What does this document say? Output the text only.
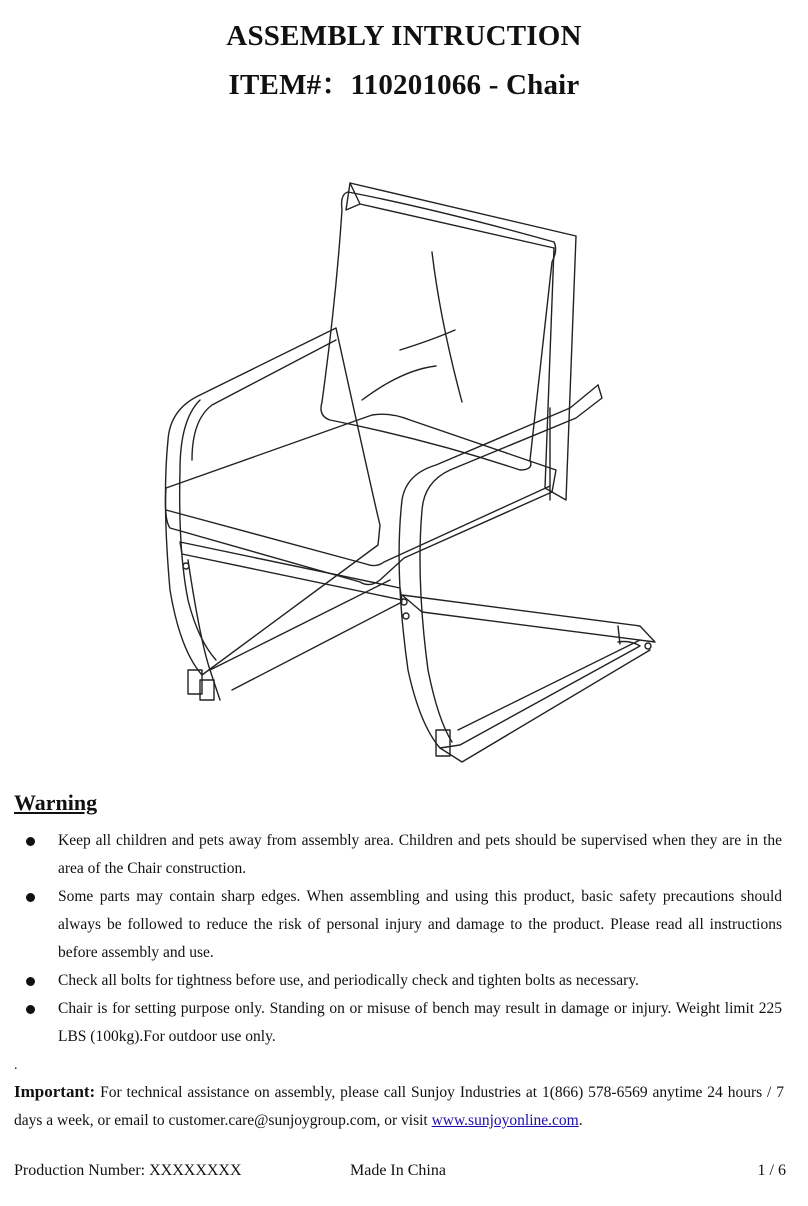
ASSEMBLY INTRUCTION
ITEM#：110201066 - Chair
Warning
Keep all children and pets away from assembly area. Children and pets should be supervised when they are in the area of the Chair construction.
Some parts may contain sharp edges. When assembling and using this product, basic safety precautions should always be followed to reduce the risk of personal injury and damage to the product. Please read all instructions before assembly and use.
Check all bolts for tightness before use, and periodically check and tighten bolts as necessary.
Chair is for setting purpose only. Standing on or misuse of bench may result in damage or injury. Weight limit 225 LBS (100kg).For outdoor use only.
.

Important: For technical assistance on assembly, please call Sunjoy Industries at 1(866) 578-6569 anytime 24 hours / 7 days a week, or email to customer.care@sunjoygroup.com, or visit www.sunjoyonline.com.

Production Number: XXXXXXXX	Made In China	1 / 6
